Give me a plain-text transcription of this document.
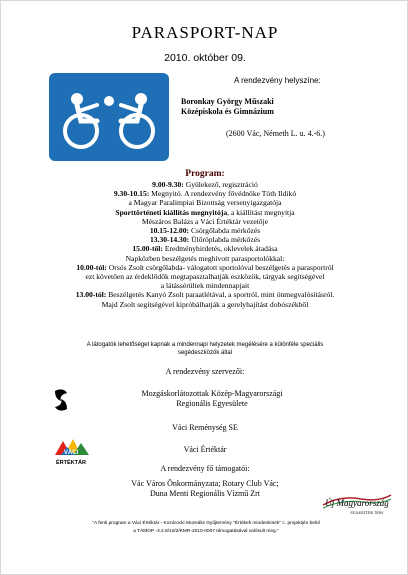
PARASPORT-NAP
2010. október 09.
A rendezvény helyszíne:
Boronkay György Műszaki
Középiskola és Gimnázium
(2600 Vác, Németh L. u. 4.-6.)
Program:
9.00-9.30: Gyülekező, regisztráció
9.30-10.15: Megnyitó. A rendezvény fővédnöke Tóth Ildikó
a Magyar Paralimpiai Bizottság versenyigazgatója
Sporttörténeti kiállítás megnyitója, a kiállítást megnyitja
Mészáros Balázs a Váci Értéktár vezetője
10.15-12.00: Csörgőlabda mérkőzés
13.30-14.30: Ülőröplabda mérkőzés
15.00-től: Eredményhirdetés, oklevelek átadása
Napközben beszélgetés meghívott parasportolókkal:
10.00-tól: Orsós Zsolt csörgőlabda- válogatott sportolóval beszélgetés a parasportról
ezt követően az érdeklődők megtapasztalhatják eszközök, tárgyak segítségével
a látássérültek mindennapjait
13.00-tól: Beszélgetés Kanyó Zsolt paraatlétával, a sportról, mint önmegvalósításról.
Majd Zsolt segítségével kipróbálhatják a gerelyhajítást dobószékből
A látogatók lehetőséget kapnak a mindennapi helyzetek megélésére a különféle speciális
segédeszközök által
A rendezvény szervezői:
Mozgáskorlátozottak Közép-Magyarországi
Regionális Egyesülete
Váci Reménység SE
VÁCI
ÉRTÉKTÁR
Váci Értéktár
A rendezvény fő támogatói:
Vác Város Önkormányzata; Rotary Club Vác;
Duna Menti Regionális Vízmű Zrt
Új Magyarország
FEJLESZTÉSI TERV
"A fenti program a Váci Értéktár - Kozárocki Muzeális Gyűjtemény "Értékek mindenkinek" c. projektjén belül
a TÁMOP -3.2.8/10/2/KMR-2010-0007 támogatásával valósult meg."
